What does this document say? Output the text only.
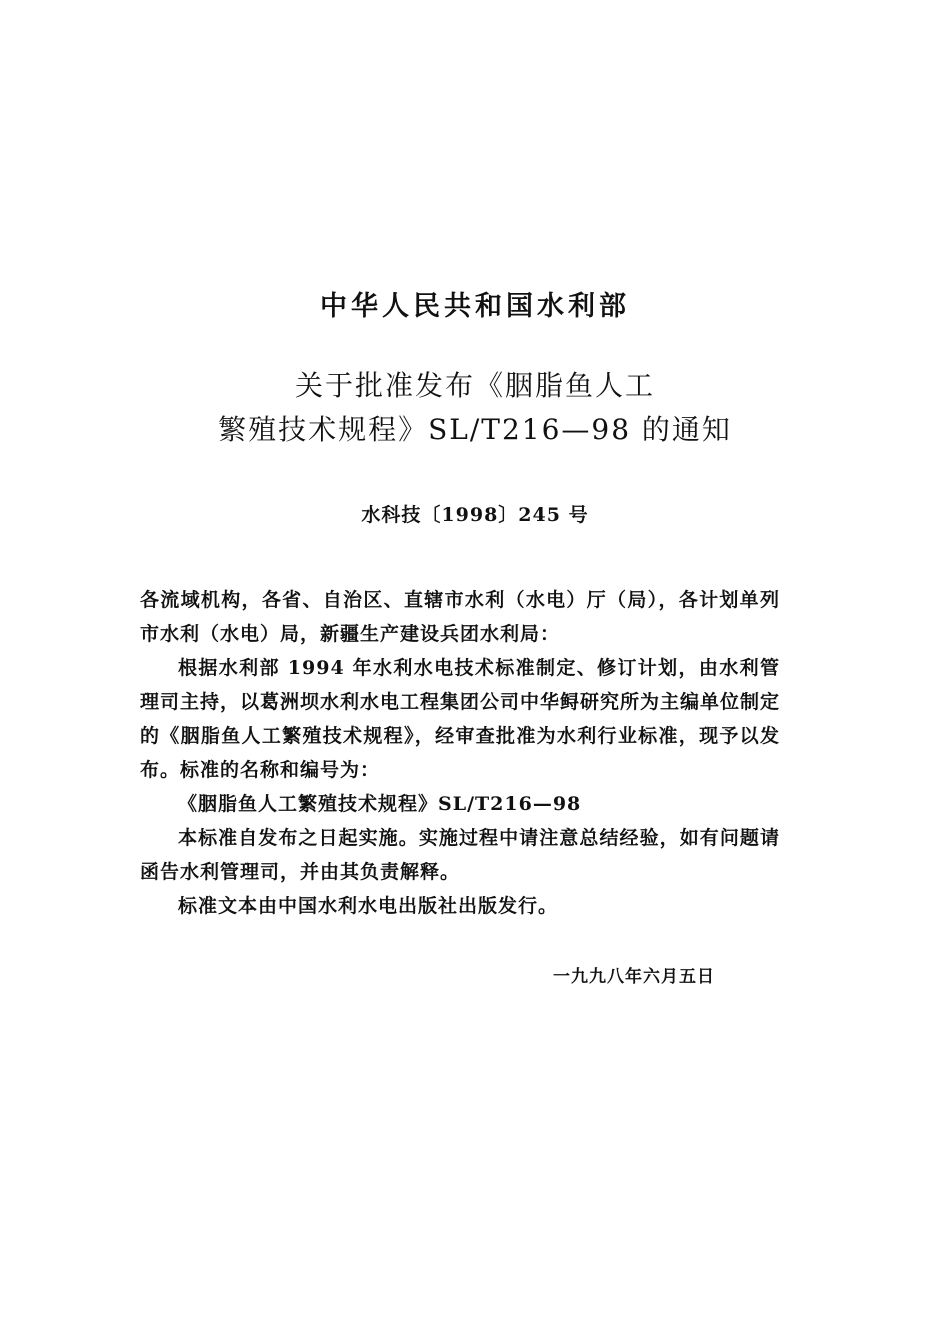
中华人民共和国水利部
关于批准发布《胭脂鱼人工
繁殖技术规程》SL/T216—98 的通知
水科技〔1998〕245 号

各流域机构，各省、自治区、直辖市水利（水电）厅（局），各计划单列市水利（水电）局，新疆生产建设兵团水利局：

根据水利部 1994 年水利水电技术标准制定、修订计划，由水利管理司主持，以葛洲坝水利水电工程集团公司中华鲟研究所为主编单位制定的《胭脂鱼人工繁殖技术规程》，经审查批准为水利行业标准，现予以发布。标准的名称和编号为：

《胭脂鱼人工繁殖技术规程》SL/T216—98

本标准自发布之日起实施。实施过程中请注意总结经验，如有问题请函告水利管理司，并由其负责解释。

标准文本由中国水利水电出版社出版发行。

一九九八年六月五日
